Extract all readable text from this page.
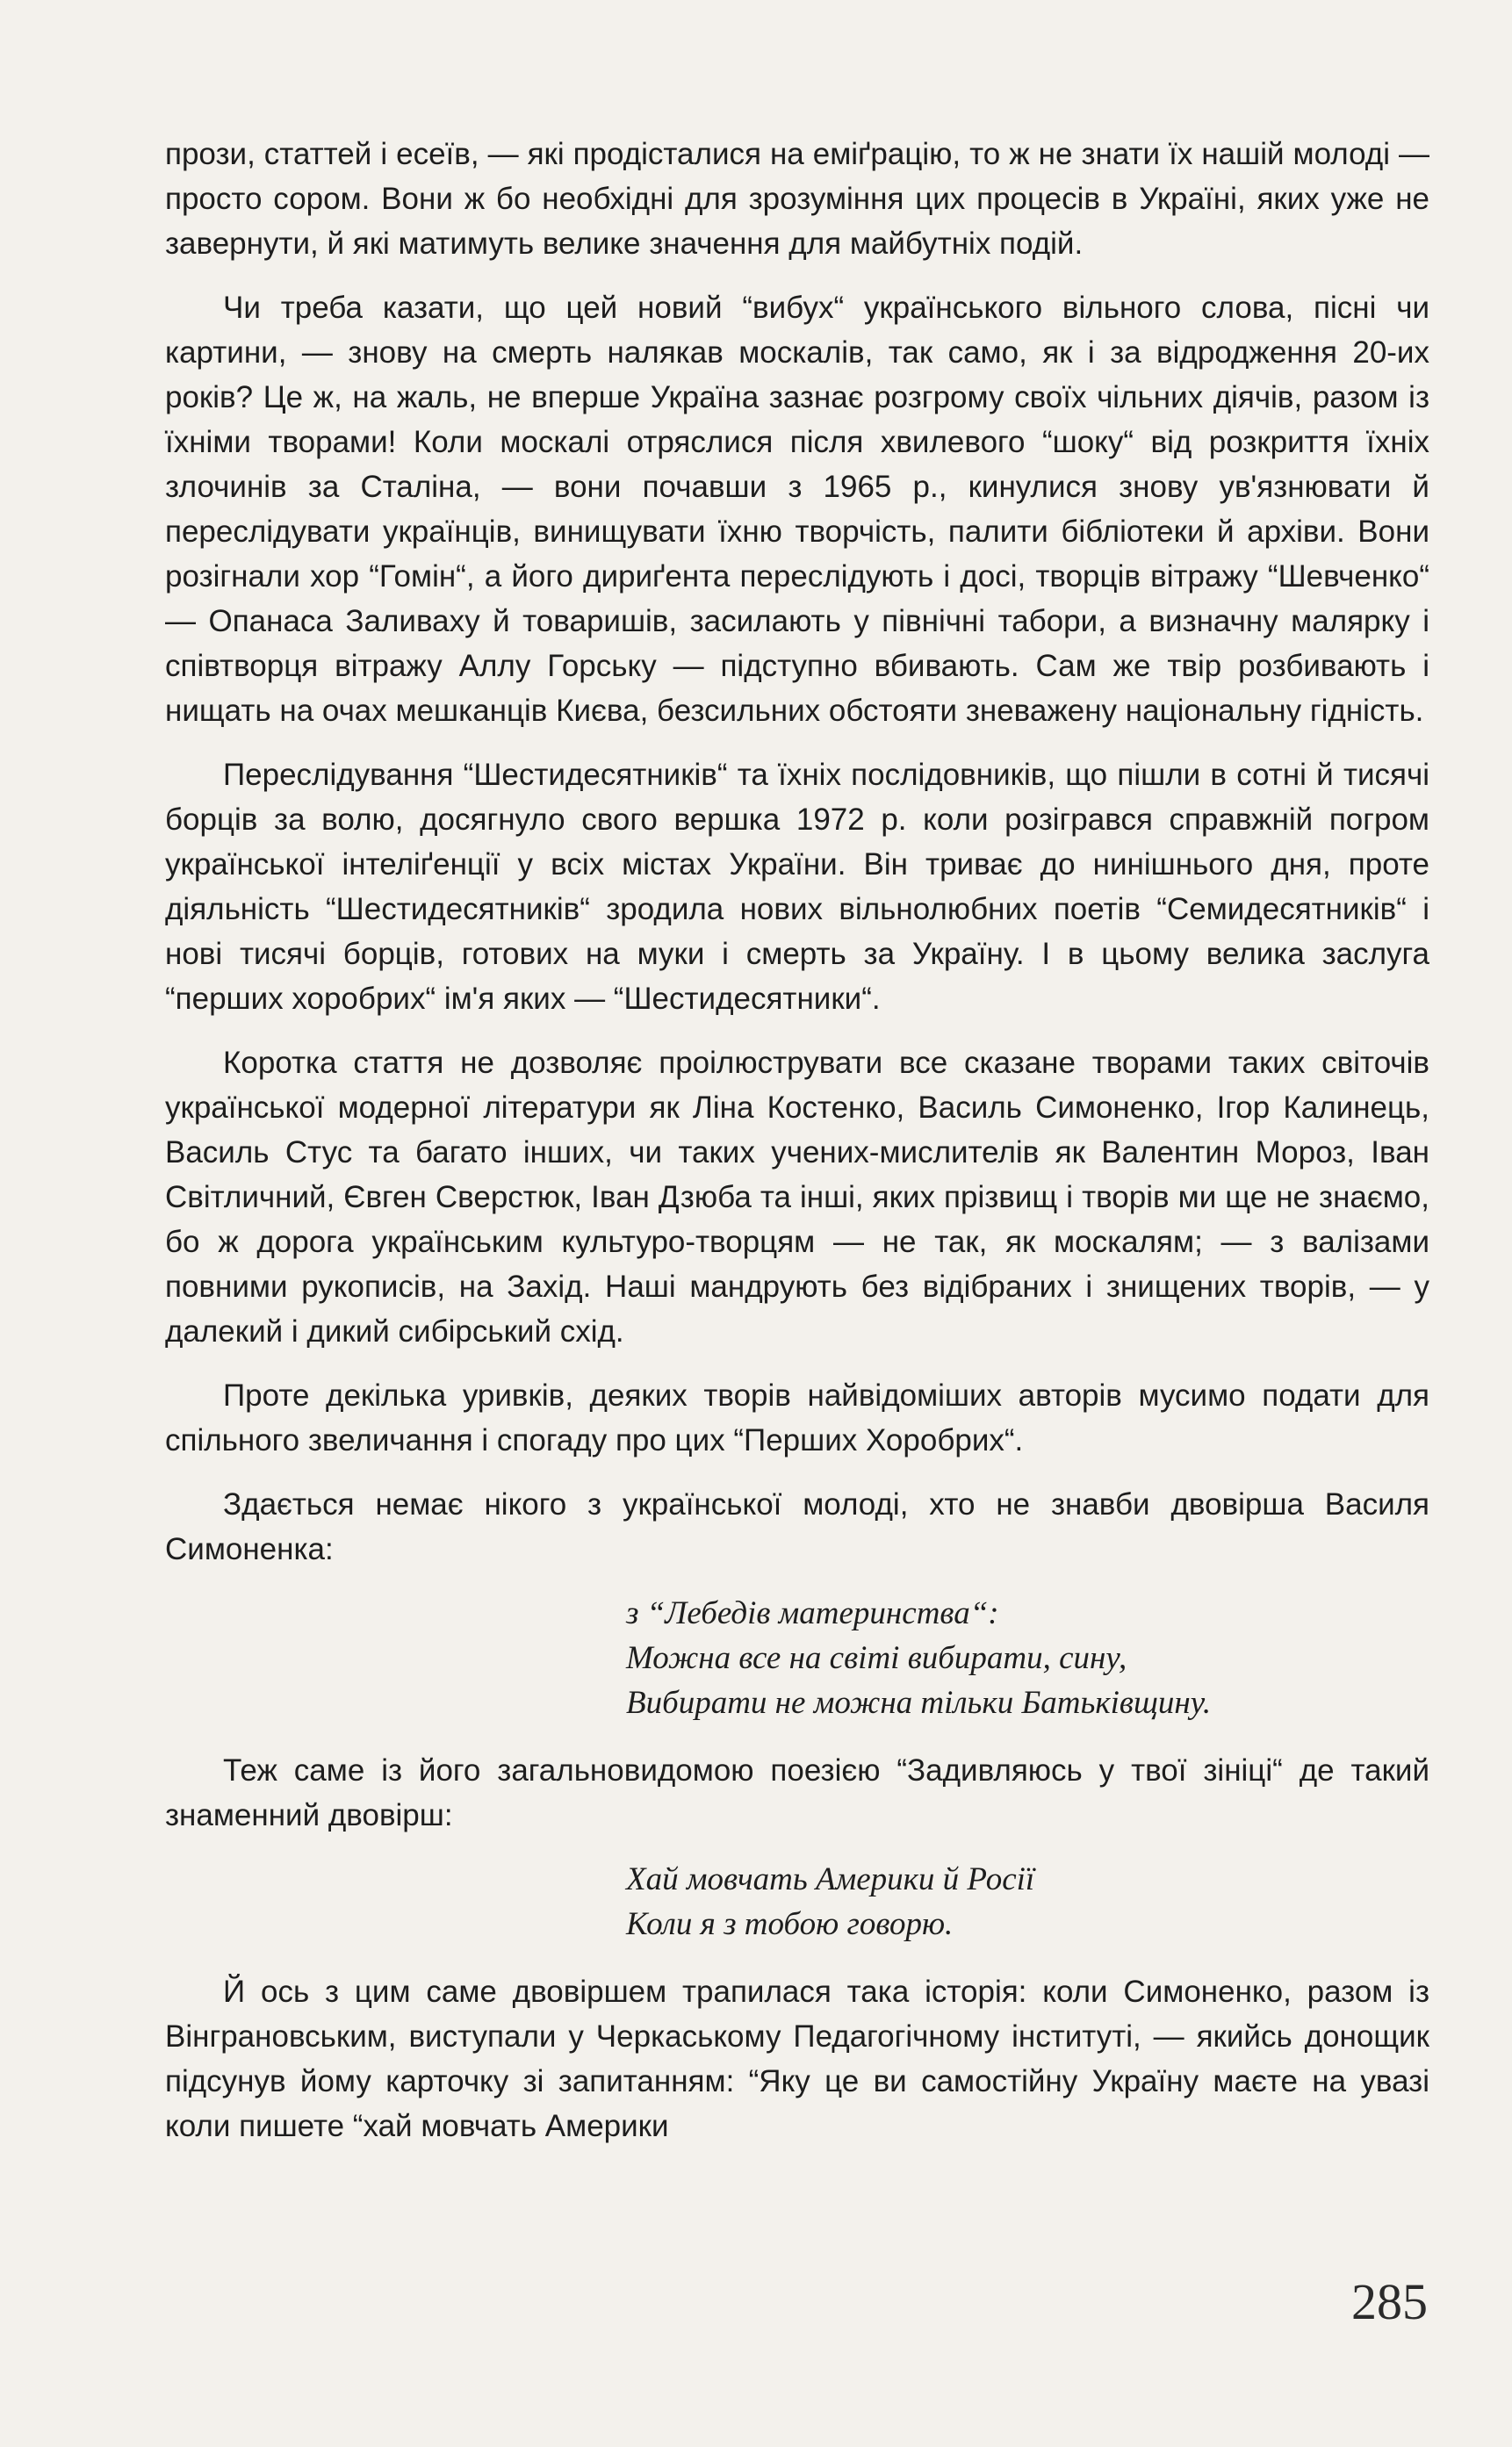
прози, статтей і есеїв, — які продісталися на еміґрацію, то ж не знати їх нашій молоді — просто сором. Вони ж бо необхідні для зрозуміння цих процесів в Україні, яких уже не завернути, й які матимуть велике значення для майбутніх подій.

Чи треба казати, що цей новий “вибух“ українського вільного слова, пісні чи картини, — знову на смерть налякав москалів, так само, як і за відродження 20-их років? Це ж, на жаль, не вперше Україна зазнає розгрому своїх чільних діячів, разом із їхніми творами! Коли москалі отряслися після хвилевого “шоку“ від розкриття їхніх злочинів за Сталіна, — вони почавши з 1965 р., кинулися знову ув'язнювати й переслідувати українців, винищувати їхню творчість, палити бібліотеки й архіви. Вони розігнали хор “Гомін“, а його дириґента переслідують і досі, творців вітражу “Шевченко“ — Опанаса Заливаху й товаришів, засилають у північні табори, а визначну малярку і співтворця вітражу Аллу Горську — підступно вбивають. Сам же твір розбивають і нищать на очах мешканців Києва, безсильних обстояти зневажену національну гідність.

Переслідування “Шестидесятників“ та їхніх послідовників, що пішли в сотні й тисячі борців за волю, досягнуло свого вершка 1972 р. коли розігрався справжній погром української інтеліґенції у всіх містах України. Він триває до нинішнього дня, проте діяльність “Шестидесятників“ зродила нових вільнолюбних поетів “Семидесятників“ і нові тисячі борців, готових на муки і смерть за Україну. І в цьому велика заслуга “перших хоробрих“ ім'я яких — “Шестидесятники“.

Коротка стаття не дозволяє проілюструвати все сказане творами таких світочів української модерної літератури як Ліна Костенко, Василь Симоненко, Ігор Калинець, Василь Стус та багато інших, чи таких учених-мислителів як Валентин Мороз, Іван Світличний, Євген Сверстюк, Іван Дзюба та інші, яких прізвищ і творів ми ще не знаємо, бо ж дорога українським культуро-творцям — не так, як москалям; — з валізами повними рукописів, на Захід. Наші мандрують без відібраних і знищених творів, — у далекий і дикий сибірський схід.

Проте декілька уривків, деяких творів найвідоміших авторів мусимо подати для спільного звеличання і спогаду про цих “Перших Хоробрих“.

Здається немає нікого з української молоді, хто не знавби двовірша Василя Симоненка:

з “Лебедів материнства“:
Можна все на світі вибирати, сину,
Вибирати не можна тільки Батьківщину.

Теж саме із його загальновидомою поезією “Задивляюсь у твої зініці“ де такий знаменний двовірш:

Хай мовчать Америки й Росії
Коли я з тобою говорю.

Й ось з цим саме двовіршем трапилася така історія: коли Симоненко, разом із Вінграновським, виступали у Черкаському Педагогічному інституті, — якийсь донощик підсунув йому карточку зі запитанням: “Яку це ви самостійну Україну маєте на увазі коли пишете “хай мовчать Америки

285
